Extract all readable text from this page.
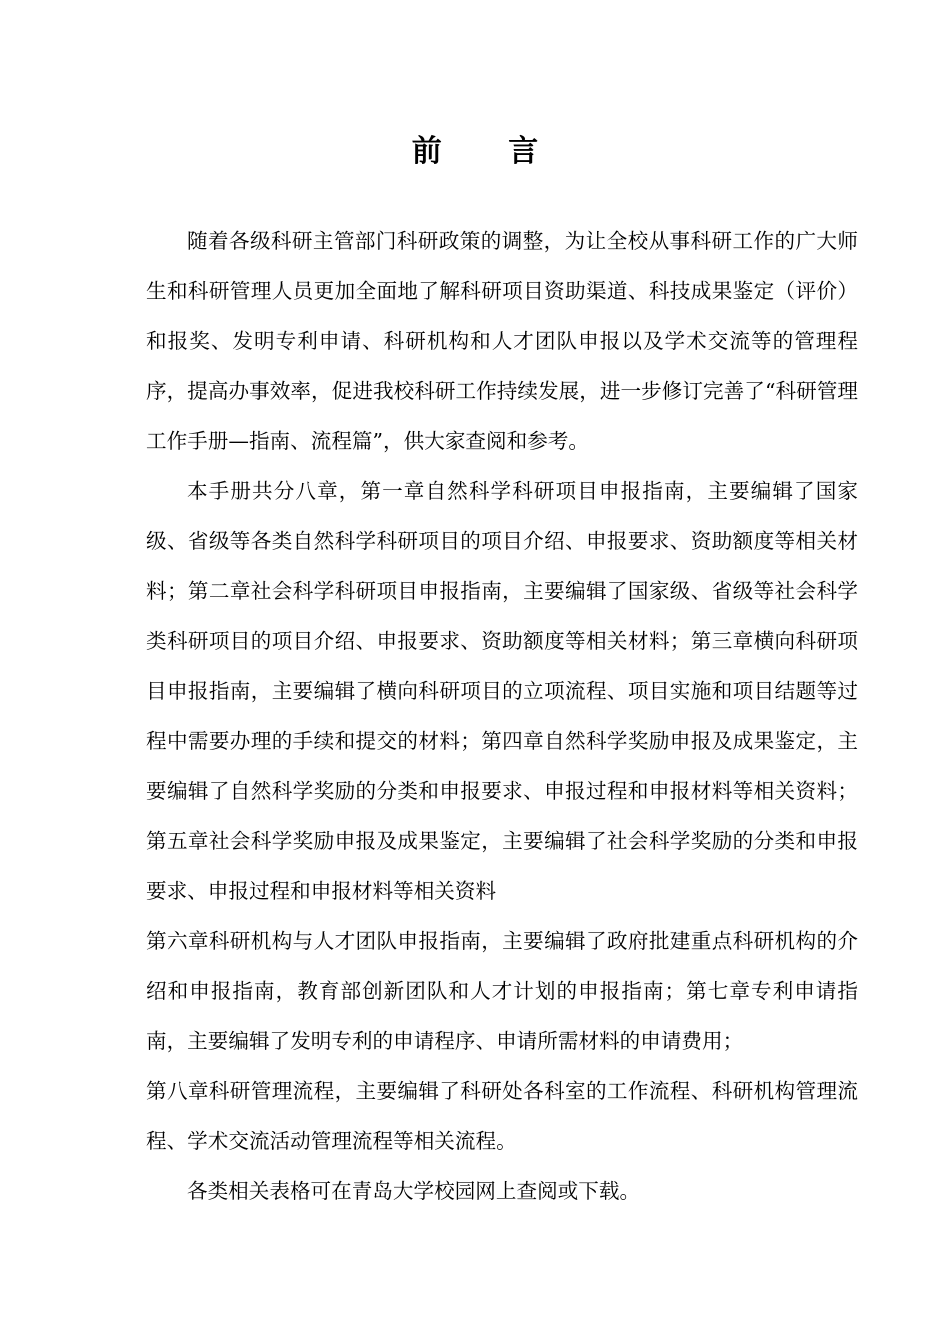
前 言

随着各级科研主管部门科研政策的调整，为让全校从事科研工作的广大师生和科研管理人员更加全面地了解科研项目资助渠道、科技成果鉴定（评价）和报奖、发明专利申请、科研机构和人才团队申报以及学术交流等的管理程序，提高办事效率，促进我校科研工作持续发展，进一步修订完善了“科研管理工作手册—指南、流程篇”，供大家查阅和参考。

本手册共分八章，第一章自然科学科研项目申报指南，主要编辑了国家级、省级等各类自然科学科研项目的项目介绍、申报要求、资助额度等相关材料；第二章社会科学科研项目申报指南，主要编辑了国家级、省级等社会科学类科研项目的项目介绍、申报要求、资助额度等相关材料；第三章横向科研项目申报指南，主要编辑了横向科研项目的立项流程、项目实施和项目结题等过程中需要办理的手续和提交的材料；第四章自然科学奖励申报及成果鉴定，主要编辑了自然科学奖励的分类和申报要求、申报过程和申报材料等相关资料；第五章社会科学奖励申报及成果鉴定，主要编辑了社会科学奖励的分类和申报要求、申报过程和申报材料等相关资料
第六章科研机构与人才团队申报指南，主要编辑了政府批建重点科研机构的介绍和申报指南，教育部创新团队和人才计划的申报指南；第七章专利申请指南，主要编辑了发明专利的申请程序、申请所需材料的申请费用；
第八章科研管理流程，主要编辑了科研处各科室的工作流程、科研机构管理流程、学术交流活动管理流程等相关流程。

各类相关表格可在青岛大学校园网上查阅或下载。
